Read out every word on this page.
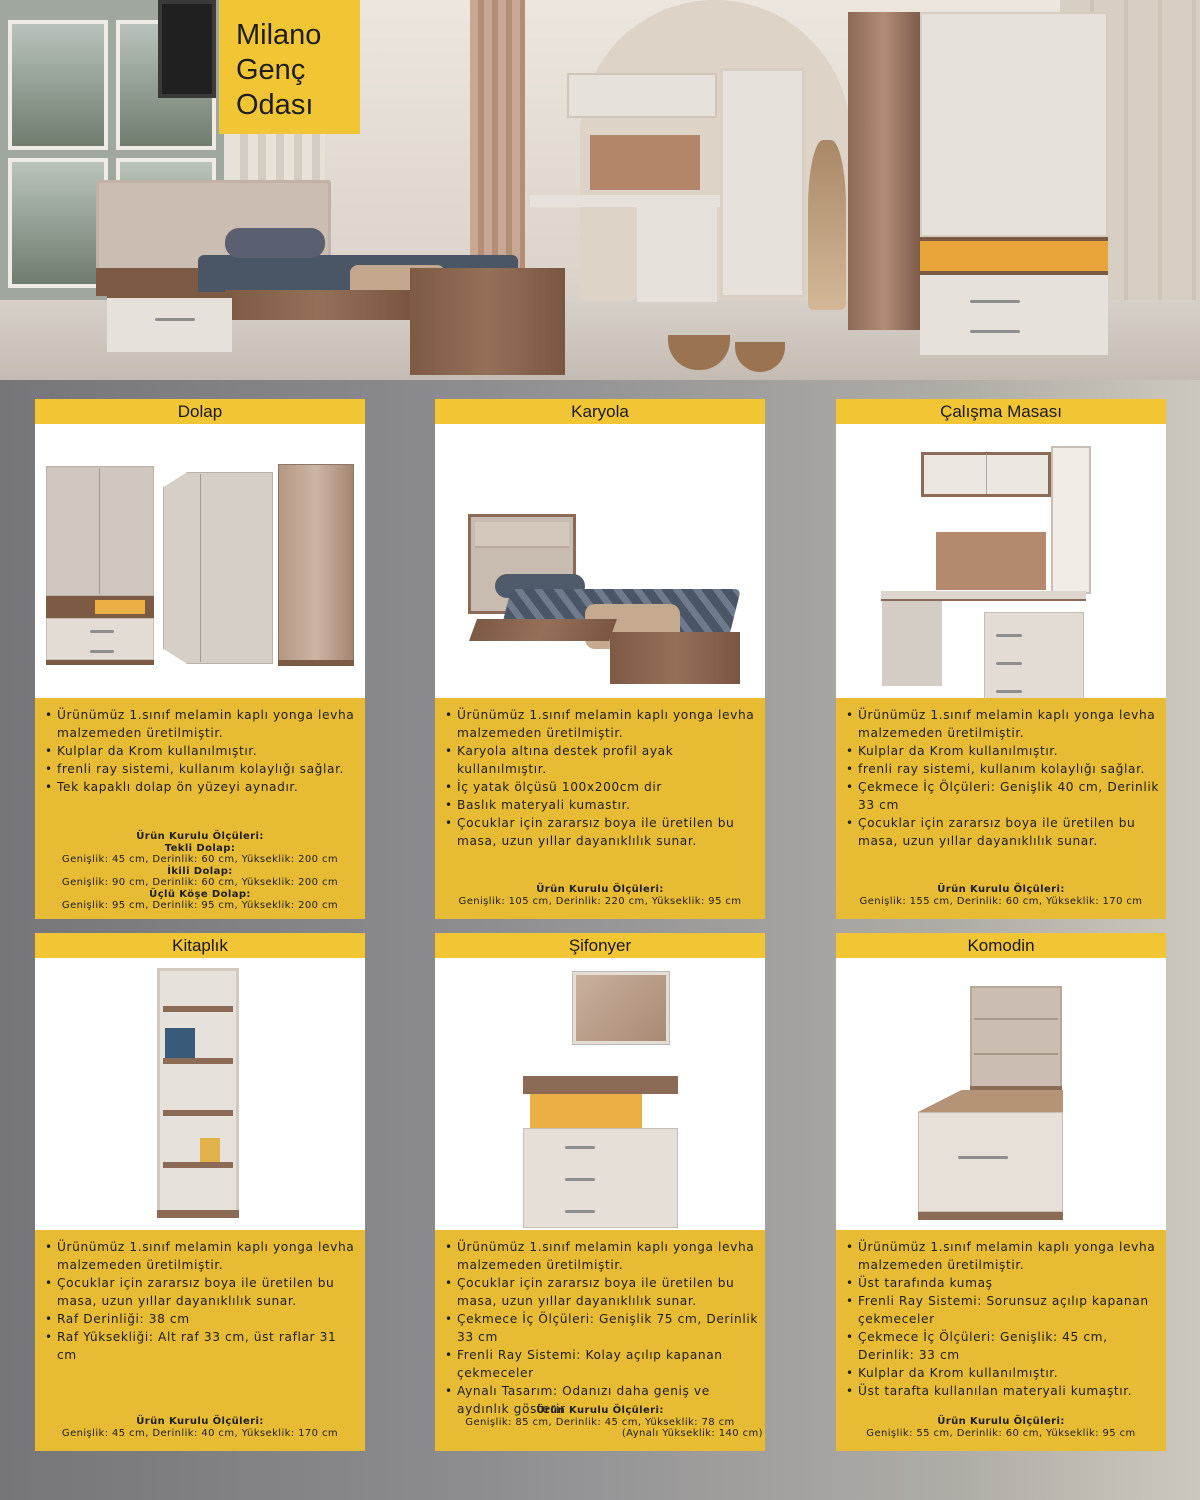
Milano
Genç
Odası
Dolap
• Ürünümüz 1.sınıf melamin kaplı yonga levha malzemeden üretilmiştir.
• Kulplar da Krom kullanılmıştır.
• frenli ray sistemi, kullanım kolaylığı sağlar.
• Tek kapaklı dolap ön yüzeyi aynadır.
Ürün Kurulu Ölçüleri:
Tekli Dolap:
Genişlik: 45 cm, Derinlik: 60 cm, Yükseklik: 200 cm
İkili Dolap:
Genişlik: 90 cm, Derinlik: 60 cm, Yükseklik: 200 cm
Üçlü Köşe Dolap:
Genişlik: 95 cm, Derinlik: 95 cm, Yükseklik: 200 cm
Karyola
• Ürünümüz 1.sınıf melamin kaplı yonga levha malzemeden üretilmiştir.
• Karyola altına destek profil ayak kullanılmıştır.
• İç yatak ölçüsü 100x200cm dir
• Baslık materyali kumastır.
• Çocuklar için zararsız boya ile üretilen bu masa, uzun yıllar dayanıklılık sunar.
Ürün Kurulu Ölçüleri:
Genişlik: 105 cm, Derinlik: 220 cm, Yükseklik: 95 cm
Çalışma Masası
• Ürünümüz 1.sınıf melamin kaplı yonga levha malzemeden üretilmiştir.
• Kulplar da Krom kullanılmıştır.
• frenli ray sistemi, kullanım kolaylığı sağlar.
• Çekmece İç Ölçüleri: Genişlik 40 cm, Derinlik 33 cm
• Çocuklar için zararsız boya ile üretilen bu masa, uzun yıllar dayanıklılık sunar.
Ürün Kurulu Ölçüleri:
Genişlik: 155 cm, Derinlik: 60 cm, Yükseklik: 170 cm
Kitaplık
• Ürünümüz 1.sınıf melamin kaplı yonga levha malzemeden üretilmiştir.
• Çocuklar için zararsız boya ile üretilen bu masa, uzun yıllar dayanıklılık sunar.
• Raf Derinliği: 38 cm
• Raf Yüksekliği: Alt raf 33 cm, üst raflar 31 cm
Ürün Kurulu Ölçüleri:
Genişlik: 45 cm, Derinlik: 40 cm, Yükseklik: 170 cm
Şifonyer
• Ürünümüz 1.sınıf melamin kaplı yonga levha malzemeden üretilmiştir.
• Çocuklar için zararsız boya ile üretilen bu masa, uzun yıllar dayanıklılık sunar.
• Çekmece İç Ölçüleri: Genişlik 75 cm, Derinlik 33 cm
• Frenli Ray Sistemi: Kolay açılıp kapanan çekmeceler
• Aynalı Tasarım: Odanızı daha geniş ve aydınlık gösterir
Ürün Kurulu Ölçüleri:
Genişlik: 85 cm, Derinlik: 45 cm, Yükseklik: 78 cm
(Aynalı Yükseklik: 140 cm)
Komodin
• Ürünümüz 1.sınıf melamin kaplı yonga levha malzemeden üretilmiştir.
• Üst tarafında kumaş
• Frenli Ray Sistemi: Sorunsuz açılıp kapanan çekmeceler
• Çekmece İç Ölçüleri: Genişlik: 45 cm, Derinlik: 33 cm
• Kulplar da Krom kullanılmıştır.
• Üst tarafta kullanılan materyali kumaştır.
Ürün Kurulu Ölçüleri:
Genişlik: 55 cm, Derinlik: 60 cm, Yükseklik: 95 cm
